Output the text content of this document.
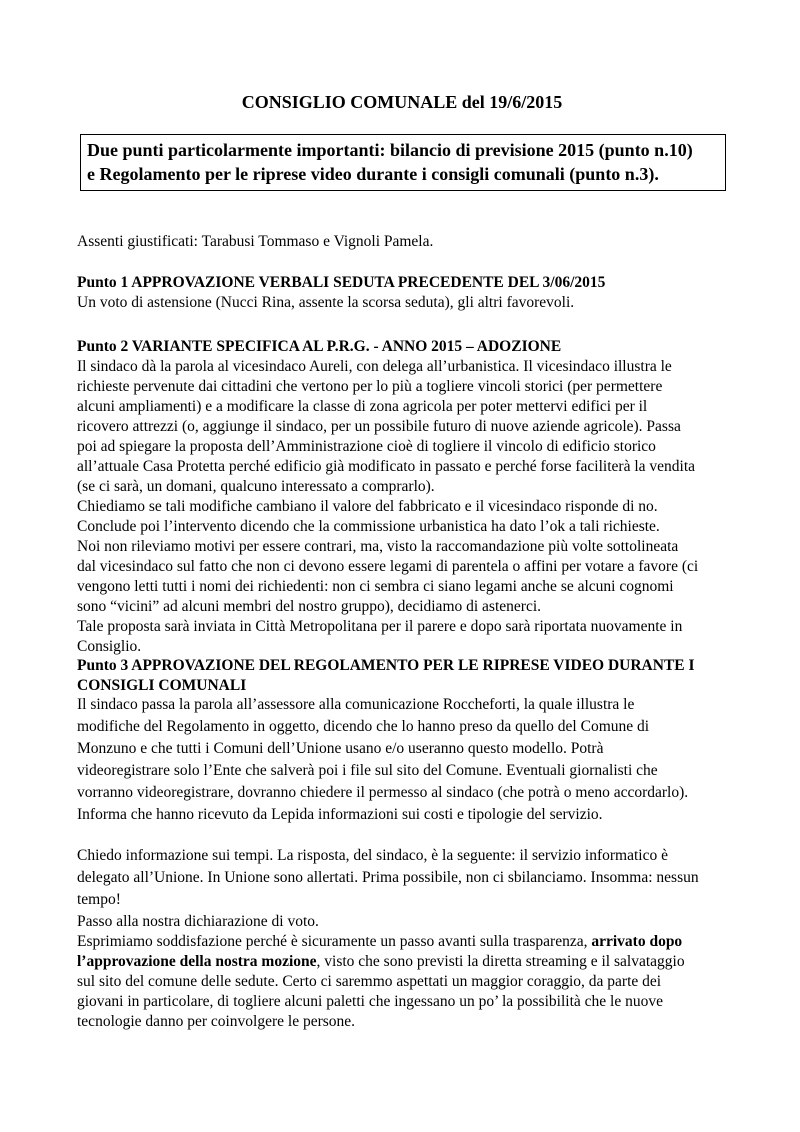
CONSIGLIO COMUNALE del 19/6/2015
Due punti particolarmente importanti: bilancio di previsione 2015 (punto n.10)
e Regolamento per le riprese video durante i consigli comunali (punto n.3).
Assenti giustificati: Tarabusi Tommaso e Vignoli Pamela.
Punto 1 APPROVAZIONE VERBALI SEDUTA PRECEDENTE DEL 3/06/2015
Un voto di astensione (Nucci Rina, assente la scorsa seduta), gli altri favorevoli.
Punto 2 VARIANTE SPECIFICA AL P.R.G. - ANNO 2015 – ADOZIONE
Il sindaco dà la parola al vicesindaco Aureli, con delega all’urbanistica. Il vicesindaco illustra le
richieste pervenute dai cittadini che vertono per lo più a togliere vincoli storici (per permettere
alcuni ampliamenti) e a modificare la classe di zona agricola per poter mettervi edifici per il
ricovero attrezzi (o, aggiunge il sindaco, per un possibile futuro di nuove aziende agricole). Passa
poi ad spiegare la proposta dell’Amministrazione cioè di togliere il vincolo di edificio storico
all’attuale Casa Protetta perché edificio già modificato in passato e perché forse faciliterà la vendita
(se ci sarà, un domani, qualcuno interessato a comprarlo).
Chiediamo se tali modifiche cambiano il valore del fabbricato e il vicesindaco risponde di no.
Conclude poi l’intervento dicendo che la commissione urbanistica ha dato l’ok a tali richieste.
Noi non rileviamo motivi per essere contrari, ma, visto la raccomandazione più volte sottolineata
dal vicesindaco sul fatto che non ci devono essere legami di parentela o affini per votare a favore (ci
vengono letti tutti i nomi dei richiedenti: non ci sembra ci siano legami anche se alcuni cognomi
sono “vicini” ad alcuni membri del nostro gruppo), decidiamo di astenerci.
Tale proposta sarà inviata in Città Metropolitana per il parere e dopo sarà riportata nuovamente in
Consiglio.
Punto 3 APPROVAZIONE DEL REGOLAMENTO PER LE RIPRESE VIDEO DURANTE I
CONSIGLI COMUNALI
Il sindaco passa la parola all’assessore alla comunicazione Roccheforti, la quale illustra le
modifiche del Regolamento in oggetto, dicendo che lo hanno preso da quello del Comune di
Monzuno e che tutti i Comuni dell’Unione usano e/o useranno questo modello. Potrà
videoregistrare solo l’Ente che salverà poi i file sul sito del Comune. Eventuali giornalisti che
vorranno videoregistrare, dovranno chiedere il permesso al sindaco (che potrà o meno accordarlo).
Informa che hanno ricevuto da Lepida informazioni sui costi e tipologie del servizio.
Chiedo informazione sui tempi. La risposta, del sindaco, è la seguente: il servizio informatico è
delegato all’Unione. In Unione sono allertati. Prima possibile, non ci sbilanciamo. Insomma: nessun
tempo!
Passo alla nostra dichiarazione di voto.
Esprimiamo soddisfazione perché è sicuramente un passo avanti sulla trasparenza, arrivato dopo
l’approvazione della nostra mozione, visto che sono previsti la diretta streaming e il salvataggio
sul sito del comune delle sedute. Certo ci saremmo aspettati un maggior coraggio, da parte dei
giovani in particolare, di togliere alcuni paletti che ingessano un po’ la possibilità che le nuove
tecnologie danno per coinvolgere le persone.
